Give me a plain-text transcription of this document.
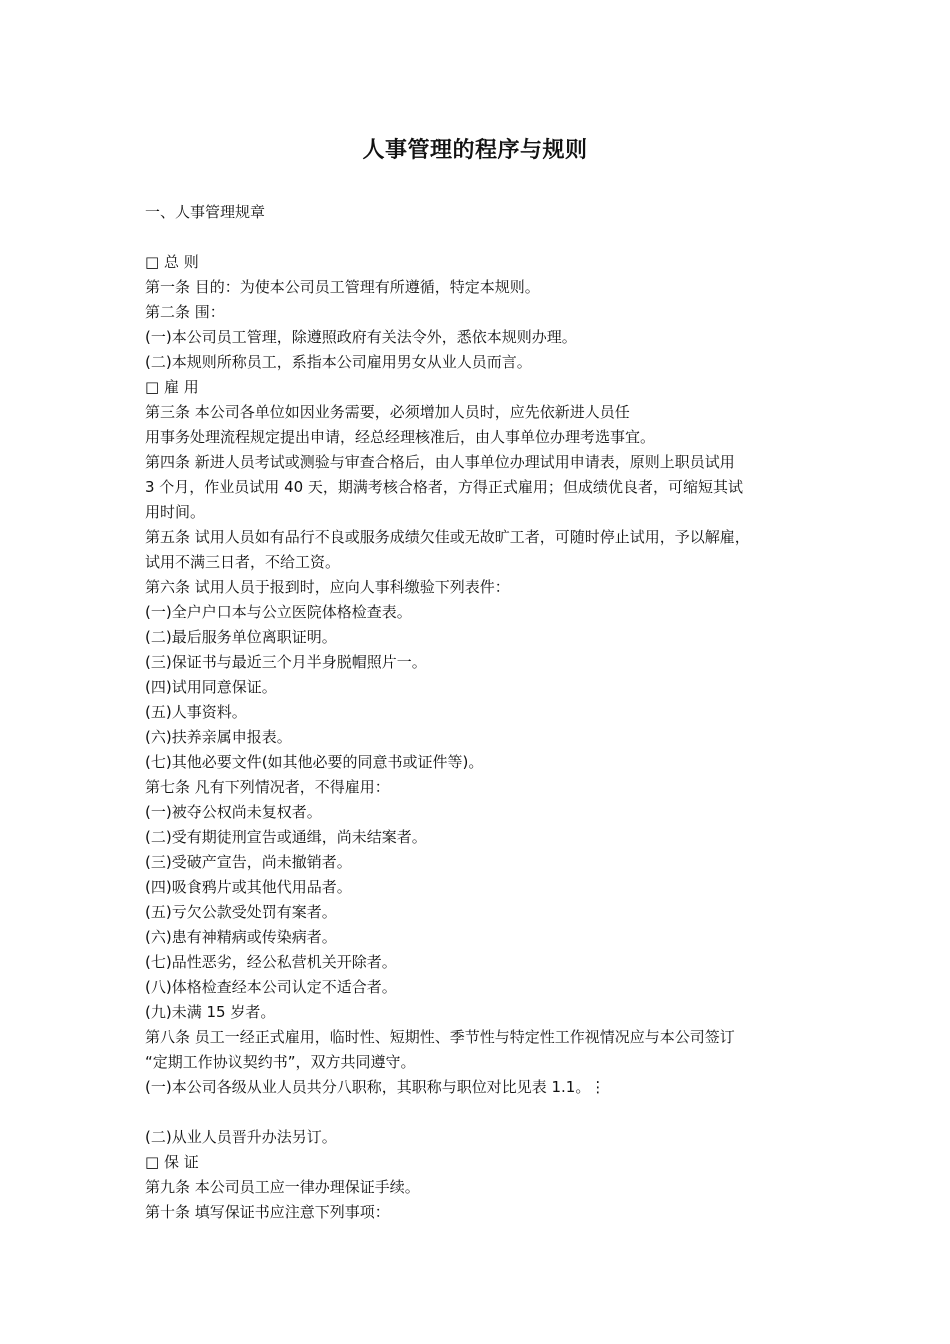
人事管理的程序与规则
一、人事管理规章
□ 总 则
第一条 目的：为使本公司员工管理有所遵循，特定本规则。
第二条 围：
(一)本公司员工管理，除遵照政府有关法令外，悉依本规则办理。
(二)本规则所称员工，系指本公司雇用男女从业人员而言。
□ 雇 用
第三条 本公司各单位如因业务需要，必须增加人员时，应先依新进人员任
用事务处理流程规定提出申请，经总经理核准后，由人事单位办理考选事宜。
第四条 新进人员考试或测验与审查合格后，由人事单位办理试用申请表，原则上职员试用
3 个月，作业员试用 40 天，期满考核合格者，方得正式雇用；但成绩优良者，可缩短其试
用时间。
第五条 试用人员如有品行不良或服务成绩欠佳或无故旷工者，可随时停止试用，予以解雇，
试用不满三日者，不给工资。
第六条 试用人员于报到时，应向人事科缴验下列表件：
(一)全户户口本与公立医院体格检查表。
(二)最后服务单位离职证明。
(三)保证书与最近三个月半身脱帽照片一。
(四)试用同意保证。
(五)人事资料。
(六)扶养亲属申报表。
(七)其他必要文件(如其他必要的同意书或证件等)。
第七条 凡有下列情况者，不得雇用：
(一)被夺公权尚未复权者。
(二)受有期徒刑宣告或通缉，尚未结案者。
(三)受破产宣告，尚未撤销者。
(四)吸食鸦片或其他代用品者。
(五)亏欠公款受处罚有案者。
(六)患有神精病或传染病者。
(七)品性恶劣，经公私营机关开除者。
(八)体格检查经本公司认定不适合者。
(九)未满 15 岁者。
第八条 员工一经正式雇用，临时性、短期性、季节性与特定性工作视情况应与本公司签订
“定期工作协议契约书”，双方共同遵守。
(一)本公司各级从业人员共分八职称，其职称与职位对比见表 1.1。⋮
(二)从业人员晋升办法另订。
□ 保 证
第九条 本公司员工应一律办理保证手续。
第十条 填写保证书应注意下列事项：
